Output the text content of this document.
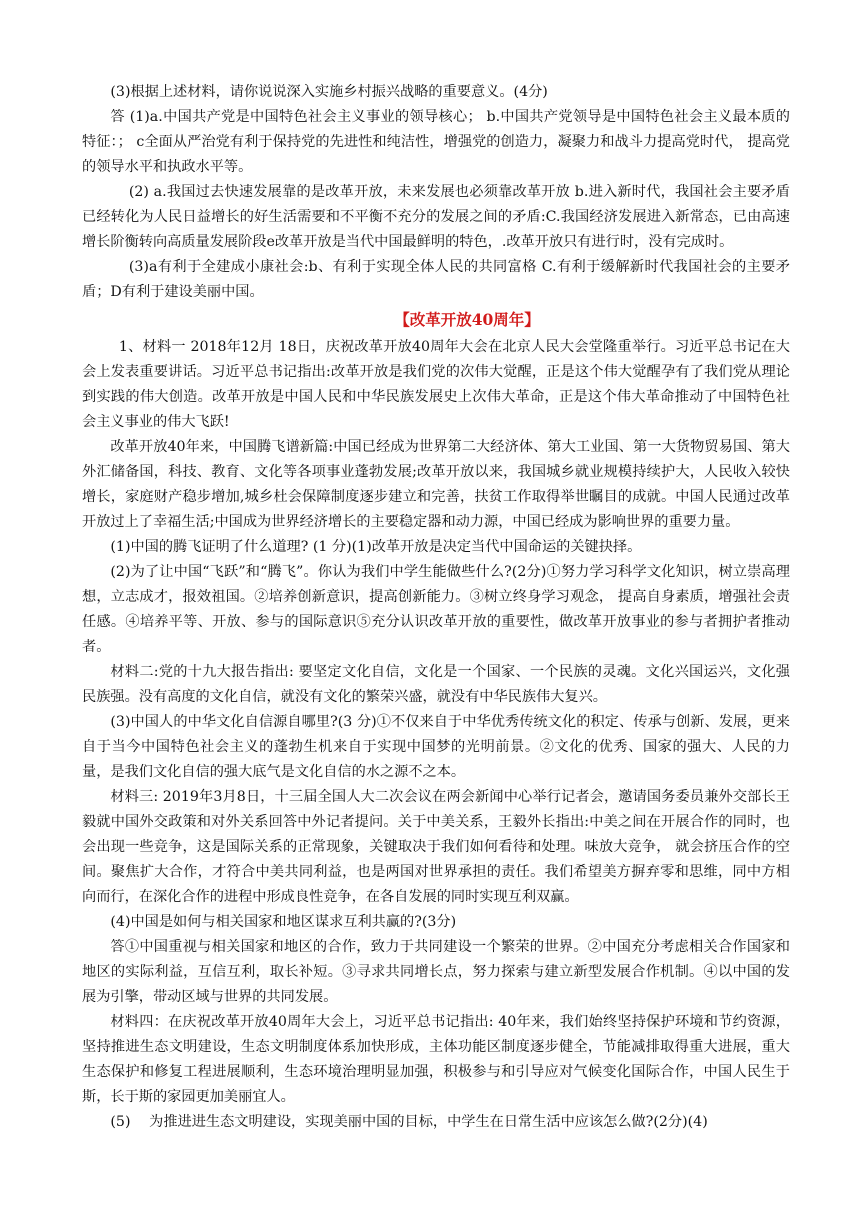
(3)根据上述材料，请你说说深入实施乡村振兴战略的重要意义。(4分)

答 (1)a.中国共产党是中国特色社会主义事业的领导核心； b.中国共产党领导是中国特色社会主义最本质的特征：； c全面从严治党有利于保持党的先进性和纯洁性，增强党的创造力，凝聚力和战斗力提高党时代， 提高党 的领导水平和执政水平等。

(2) a.我国过去快速发展靠的是改革开放，未来发展也必须靠改革开放 b.进入新时代，我国社会主要矛盾已经转化为人民日益增长的好生活需要和不平衡不充分的发展之间的矛盾:C.我国经济发展进入新常态，已由高速增长阶衡转向高质量发展阶段e改革开放是当代中国最鲜明的特色，.改革开放只有进行时，没有完成时。

(3)a有利于全建成小康社会:b、有利于实现全体人民的共同富格 C.有利于缓解新时代我国社会的主要矛盾；D有利于建设美丽中国。

【改革开放40周年】

1、材料一 2018年12月 18日，庆祝改革开放40周年大会在北京人民大会堂隆重举行。习近平总书记在大会上发表重要讲话。习近平总书记指出:改革开放是我们党的次伟大觉醒，正是这个伟大觉醒孕有了我们党从理论到实践的伟大创造。改革开放是中国人民和中华民族发展史上次伟大革命，正是这个伟大革命推动了中国特色社会主义事业的伟大飞跃!

改革开放40年来，中国腾飞谱新篇:中国已经成为世界第二大经济体、第大工业国、第一大货物贸易国、第大外汇储备国，科技、教育、文化等各项事业蓬勃发展;改革开放以来，我国城乡就业规模持续护大，人民收入较快增长，家庭财产稳步增加,城乡杜会保障制度逐步建立和完善，扶贫工作取得举世瞩目的成就。中国人民通过改革开放过上了幸福生活;中国成为世界经济增长的主要稳定器和动力源，中国已经成为影响世界的重要力量。

(1)中国的腾飞证明了什么道理? (1 分)(1)改革开放是决定当代中国命运的关键抉择。

(2)为了让中国“飞跃”和“腾飞”。你认为我们中学生能做些什么?(2分)①努力学习科学文化知识，树立崇高理想，立志成才，报效祖国。②培养创新意识，提高创新能力。③树立终身学习观念， 提高自身素质，增强社会责任感。④培养平等、开放、参与的国际意识⑤充分认识改革开放的重要性，做改革开放事业的参与者拥护者推动者。

材料二:党的十九大报告指出: 要坚定文化自信，文化是一个国家、一个民族的灵魂。文化兴国运兴，文化强民族强。没有高度的文化自信，就没有文化的繁荣兴盛，就没有中华民族伟大复兴。

(3)中国人的中华文化自信源自哪里?(3 分)①不仅来自于中华优秀传统文化的积定、传承与创新、发展，更来自于当今中国特色社会主义的蓬勃生机来自于实现中国梦的光明前景。②文化的优秀、国家的强大、人民的力量，是我们文化自信的强大底气是文化自信的水之源不之本。

材料三: 2019年3月8日，十三届全国人大二次会议在两会新闻中心举行记者会，邀请国务委员兼外交部长王毅就中国外交政策和对外关系回答中外记者提问。关于中美关系，王毅外长指出:中美之间在开展合作的同时，也会出现一些竞争，这是国际关系的正常现象，关键取决于我们如何看待和处理。味放大竞争， 就会挤压合作的空间。聚焦扩大合作，才符合中美共同利益，也是两国对世界承担的责任。我们希望美方摒弃零和思维，同中方相向而行，在深化合作的进程中形成良性竞争，在各自发展的同时实现互利双赢。

(4)中国是如何与相关国家和地区谋求互利共赢的?(3分)

答①中国重视与相关国家和地区的合作，致力于共同建设一个繁荣的世界。②中国充分考虑相关合作国家和地区的实际利益，互信互利，取长补短。③寻求共同增长点，努力探索与建立新型发展合作机制。④以中国的发展为引擎，带动区域与世界的共同发展。

材料四：在庆祝改革开放40周年大会上，习近平总书记指出: 40年来，我们始终坚持保护环境和节约资源，坚持推进生态文明建设，生态文明制度体系加快形成，主体功能区制度逐步健全，节能减排取得重大进展，重大生态保护和修复工程进展顺利，生态环境治理明显加强，积极参与和引导应对气候变化国际合作，中国人民生于斯，长于斯的家园更加美丽宜人。

(5)　 为推进进生态文明建设，实现美丽中国的目标，中学生在日常生活中应该怎么做?(2分)(4)
